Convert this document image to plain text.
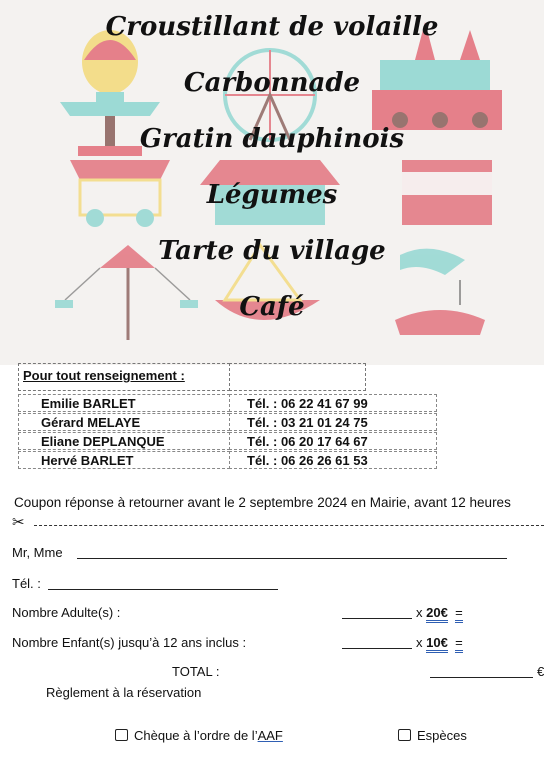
Croustillant de volaille
Carbonnade
Gratin dauphinois
Légumes
Tarte du village
Café
Pour tout renseignement :
Emilie BARLET	Tél. : 06 22 41 67 99
Gérard MELAYE	Tél. : 03 21 01 24 75
Eliane DEPLANQUE	Tél. : 06 20 17 64 67
Hervé BARLET	Tél. : 06 26 26 61 53
Coupon réponse à retourner avant le 2 septembre 2024 en Mairie, avant 12 heures
✂
Mr, Mme
Tél. :
Nombre Adulte(s) :	x 20€ =
Nombre Enfant(s) jusqu’à 12 ans inclus :	x 10€ =
TOTAL :	€
Règlement à la réservation
Chèque à l’ordre de l’AAF	Espèces
